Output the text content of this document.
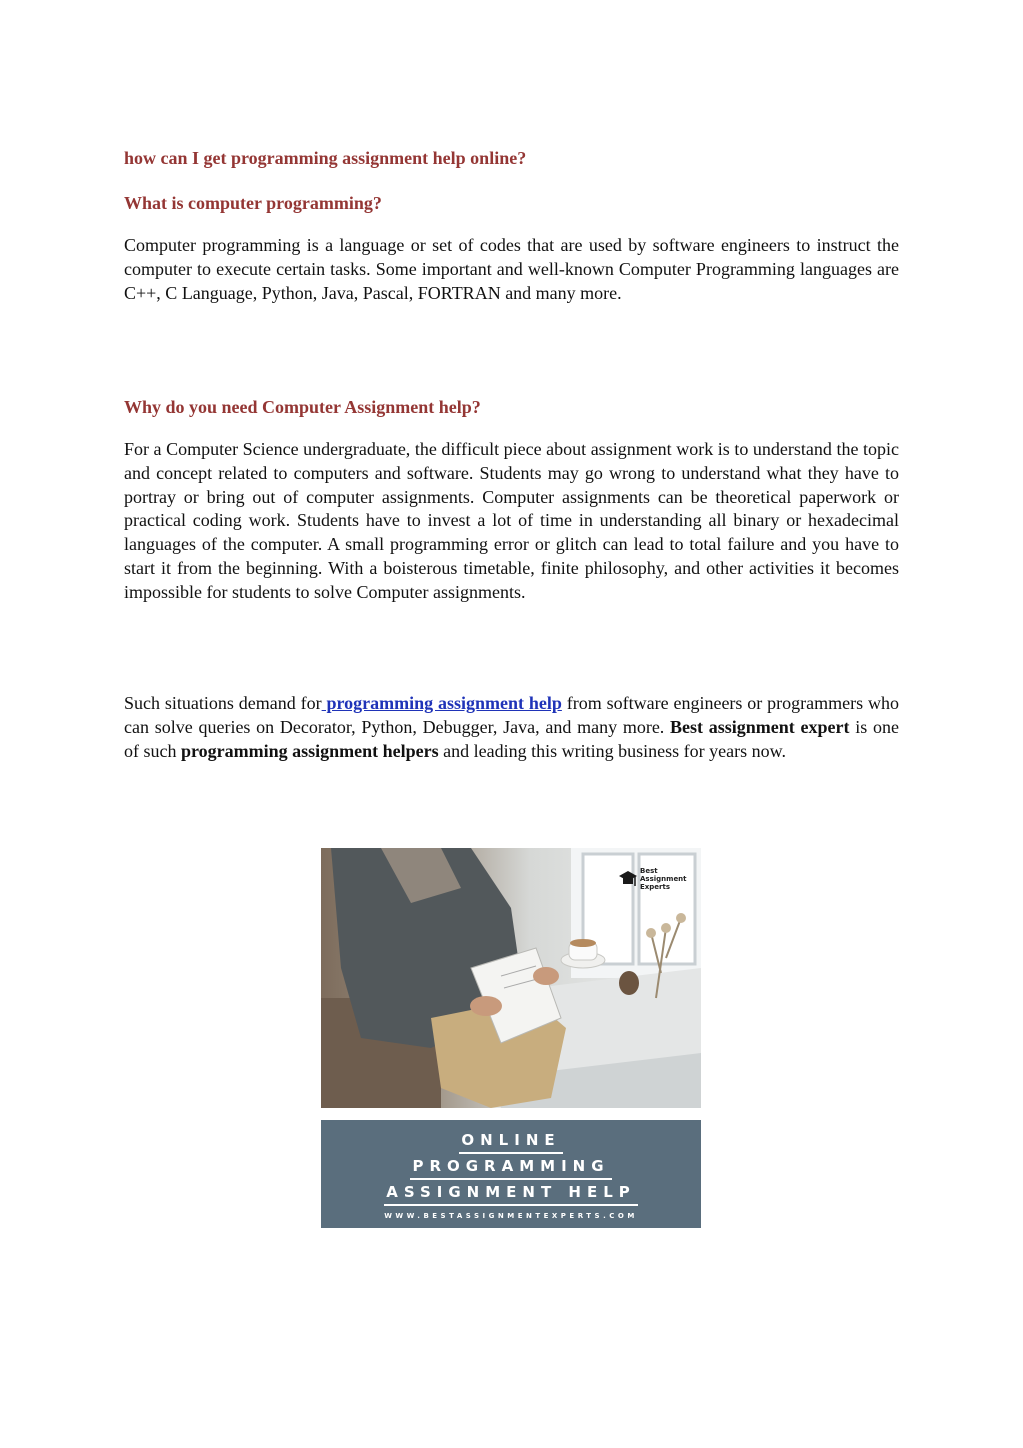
how can I get programming assignment help online?
What is computer programming?

Computer programming is a language or set of codes that are used by software engineers to instruct the computer to execute certain tasks. Some important and well-known Computer Programming languages are C++, C Language, Python, Java, Pascal, FORTRAN and many more.

Why do you need Computer Assignment help?

For a Computer Science undergraduate, the difficult piece about assignment work is to understand the topic and concept related to computers and software. Students may go wrong to understand what they have to portray or bring out of computer assignments. Computer assignments can be theoretical paperwork or practical coding work. Students have to invest a lot of time in understanding all binary or hexadecimal languages of the computer. A small programming error or glitch can lead to total failure and you have to start it from the beginning. With a boisterous timetable, finite philosophy, and other activities it becomes impossible for students to solve Computer assignments.

Such situations demand for programming assignment help from software engineers or programmers who can solve queries on Decorator, Python, Debugger, Java, and many more. Best assignment expert is one of such programming assignment helpers and leading this writing business for years now.

Best
Assignment
Experts
ONLINE
PROGRAMMING
ASSIGNMENT HELP
WWW.BESTASSIGNMENTEXPERTS.COM
